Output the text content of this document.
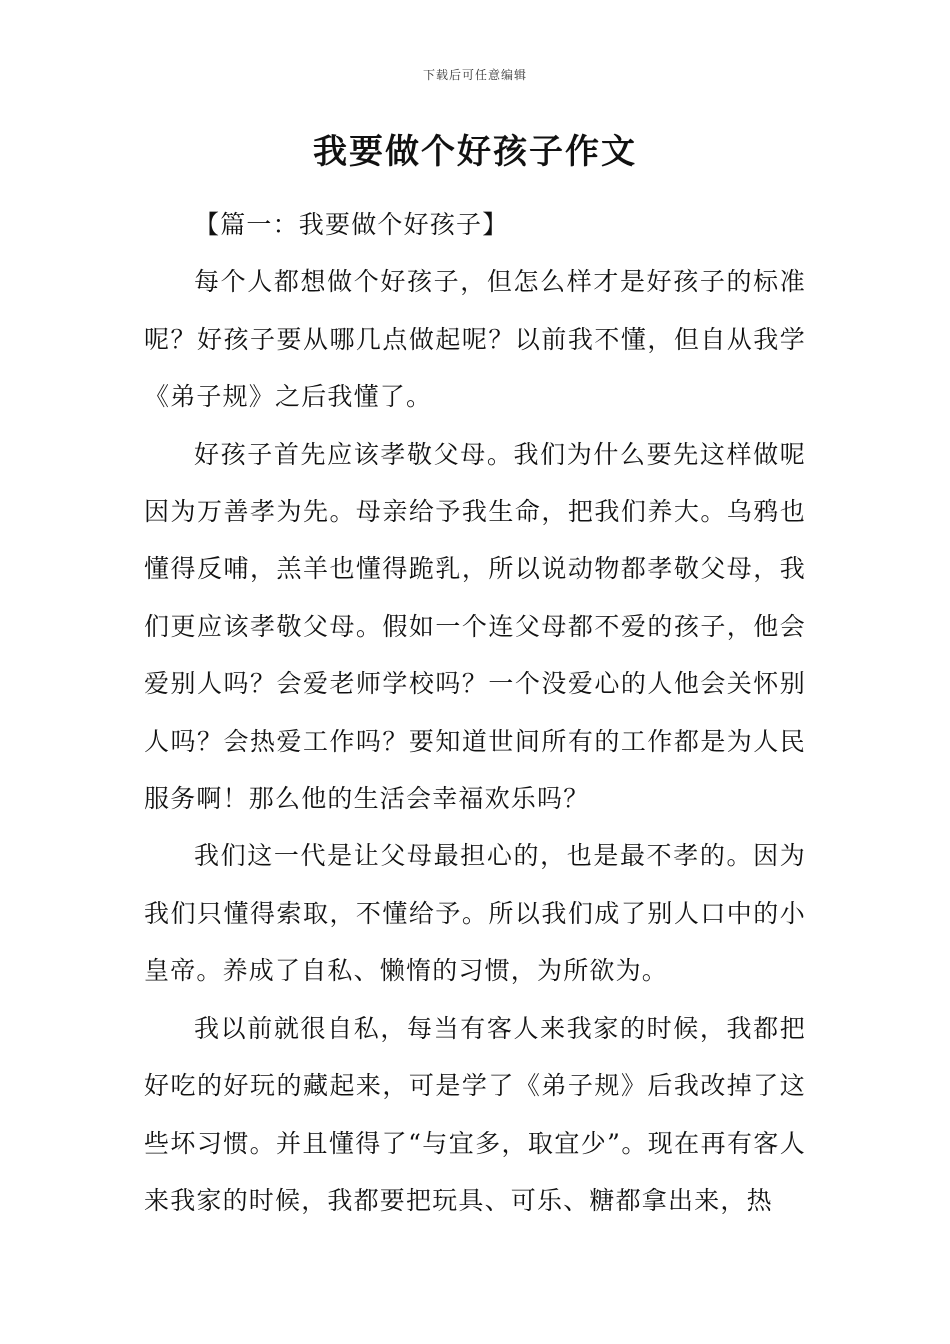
下载后可任意编辑
我要做个好孩子作文

【篇一：我要做个好孩子】

每个人都想做个好孩子，但怎么样才是好孩子的标准呢？好孩子要从哪几点做起呢？以前我不懂，但自从我学《弟子规》之后我懂了。

好孩子首先应该孝敬父母。我们为什么要先这样做呢因为万善孝为先。母亲给予我生命，把我们养大。乌鸦也懂得反哺，羔羊也懂得跪乳，所以说动物都孝敬父母，我们更应该孝敬父母。假如一个连父母都不爱的孩子，他会爱别人吗？会爱老师学校吗？一个没爱心的人他会关怀别人吗？会热爱工作吗？要知道世间所有的工作都是为人民服务啊！那么他的生活会幸福欢乐吗？

我们这一代是让父母最担心的，也是最不孝的。因为我们只懂得索取，不懂给予。所以我们成了别人口中的小皇帝。养成了自私、懒惰的习惯，为所欲为。

我以前就很自私，每当有客人来我家的时候，我都把好吃的好玩的藏起来，可是学了《弟子规》后我改掉了这些坏习惯。并且懂得了“与宜多，取宜少”。现在再有客人来我家的时候，我都要把玩具、可乐、糖都拿出来，热
